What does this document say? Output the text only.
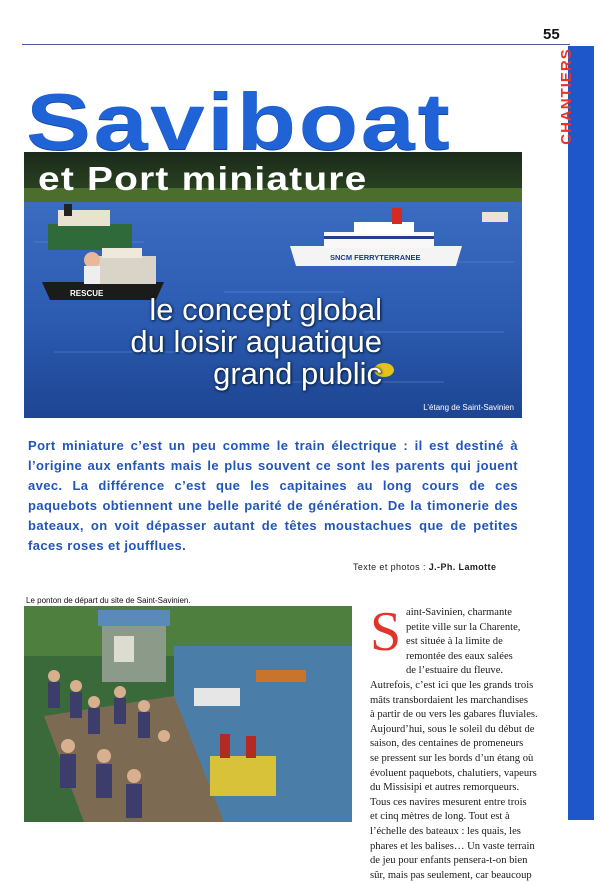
55
CHANTIERS
BATEAU
RESCUE
SNCM FERRYTERRANEE
et Port miniature
le concept global
du loisir aquatique
grand public
L’étang de Saint-Savinien
Saviboat
Port miniature c’est un peu comme le train électrique : il est destiné à l’origine aux enfants mais le plus souvent ce sont les parents qui jouent avec. La différence c’est que les capitaines au long cours de ces paquebots obtiennent une belle parité de génération. De la timonerie des bateaux, on voit dépasser autant de têtes moustachues que de petites faces roses et joufflues.
Texte et photos : J.-Ph. Lamotte
Le ponton de départ du site de Saint-Savinien.
S aint-Savinien, charmante
petite ville sur la Charente,
est située à la limite de
remontée des eaux salées
de l’estuaire du fleuve.
Autrefois, c’est ici que les grands trois
mâts transbordaient les marchandises
à partir de ou vers les gabares fluviales.
Aujourd’hui, sous le soleil du début de
saison, des centaines de promeneurs
se pressent sur les bords d’un étang où
évoluent paquebots, chalutiers, vapeurs
du Missisipi et autres remorqueurs.
Tous ces navires mesurent entre trois
et cinq mètres de long. Tout est à
l’échelle des bateaux : les quais, les
phares et les balises… Un vaste terrain
de jeu pour enfants pensera-t-on bien
sûr, mais pas seulement, car beaucoup
